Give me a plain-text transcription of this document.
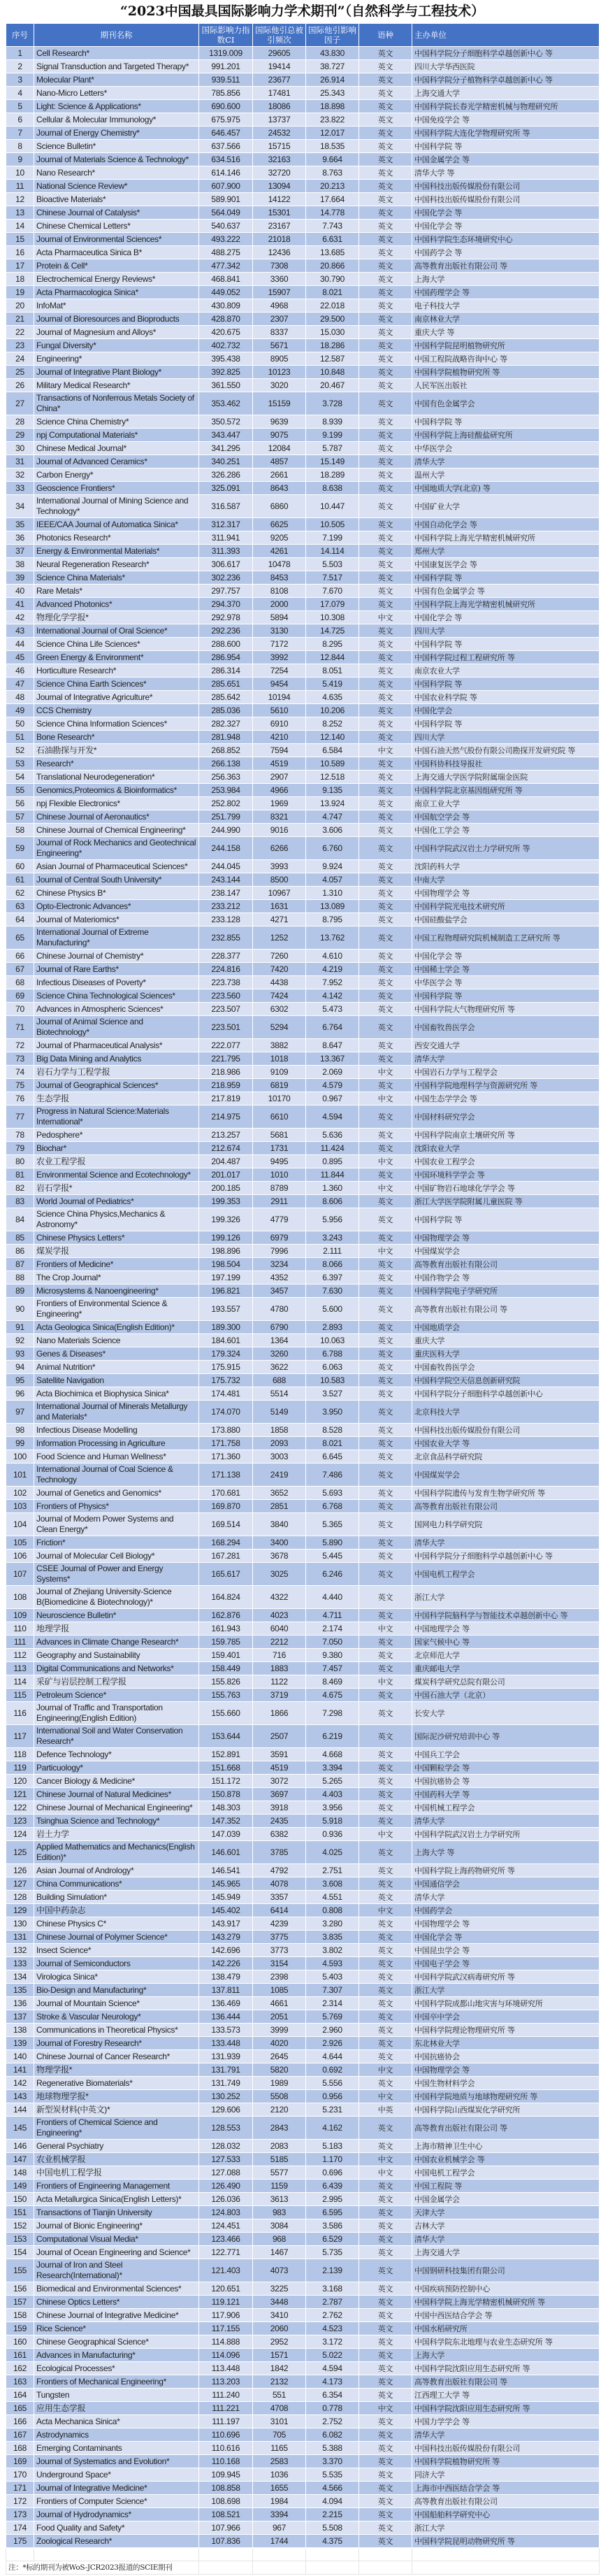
“2023中国最具国际影响力学术期刊”（自然科学与工程技术）
序号	期刊名称	国际影响力指数CI	国际他引总被引频次	国际他引影响因子	语种	主办单位
1	Cell Research*	1319.009	29605	43.830	英文	中国科学院分子细胞科学卓越创新中心 等
2	Signal Transduction and Targeted Therapy*	991.201	19414	38.727	英文	四川大学华西医院
3	Molecular Plant*	939.511	23677	26.914	英文	中国科学院分子植物科学卓越创新中心 等
4	Nano-Micro Letters*	785.856	17481	25.343	英文	上海交通大学
5	Light: Science & Applications*	690.600	18086	18.898	英文	中国科学院长春光学精密机械与物理研究所
6	Cellular & Molecular Immunology*	675.975	13737	23.822	英文	中国免疫学会 等
7	Journal of Energy Chemistry*	646.457	24532	12.017	英文	中国科学院大连化学物理研究所 等
8	Science Bulletin*	637.566	15715	18.535	英文	中国科学院 等
9	Journal of Materials Science & Technology*	634.516	32163	9.664	英文	中国金属学会 等
10	Nano Research*	614.146	32720	8.763	英文	清华大学 等
11	National Science Review*	607.900	13094	20.213	英文	中国科技出版传媒股份有限公司
12	Bioactive Materials*	589.901	14122	17.664	英文	中国科技出版传媒股份有限公司
13	Chinese Journal of Catalysis*	564.049	15301	14.778	英文	中国化学会 等
14	Chinese Chemical Letters*	540.637	23167	7.743	英文	中国化学会 等
15	Journal of Environmental Sciences*	493.222	21018	6.631	英文	中国科学院生态环境研究中心
16	Acta Pharmaceutica Sinica B*	488.275	12436	13.685	英文	中国药学会 等
17	Protein & Cell*	477.342	7308	20.866	英文	高等教育出版社有限公司 等
18	Electrochemical Energy Reviews*	468.841	3360	30.790	英文	上海大学
19	Acta Pharmacologica Sinica*	449.052	15907	8.021	英文	中国药理学会 等
20	InfoMat*	430.809	4968	22.018	英文	电子科技大学
21	Journal of Bioresources and Bioproducts	428.870	2307	29.500	英文	南京林业大学
22	Journal of Magnesium and Alloys*	420.675	8337	15.030	英文	重庆大学 等
23	Fungal Diversity*	402.732	5671	18.286	英文	中国科学院昆明植物研究所
24	Engineering*	395.438	8905	12.587	英文	中国工程院战略咨询中心 等
25	Journal of Integrative Plant Biology*	392.825	10123	10.848	英文	中国科学院植物研究所 等
26	Military Medical Research*	361.550	3020	20.467	英文	人民军医出版社
27	Transactions of Nonferrous Metals Society of China*	353.462	15159	3.728	英文	中国有色金属学会
28	Science China Chemistry*	350.572	9639	8.939	英文	中国科学院 等
29	npj Computational Materials*	343.447	9075	9.199	英文	中国科学院上海硅酸盐研究所
30	Chinese Medical Journal*	341.295	12084	5.787	英文	中华医学会
31	Journal of Advanced Ceramics*	340.251	4857	15.149	英文	清华大学
32	Carbon Energy*	326.286	2661	18.289	英文	温州大学
33	Geoscience Frontiers*	325.091	8643	8.638	英文	中国地质大学(北京) 等
34	International Journal of Mining Science and Technology*	316.587	6860	10.447	英文	中国矿业大学
35	IEEE/CAA Journal of Automatica Sinica*	312.317	6625	10.505	英文	中国自动化学会 等
36	Photonics Research*	311.941	9205	7.199	英文	中国科学院上海光学精密机械研究所
37	Energy & Environmental Materials*	311.393	4261	14.114	英文	郑州大学
38	Neural Regeneration Research*	306.617	10478	5.503	英文	中国康复医学会 等
39	Science China Materials*	302.236	8453	7.517	英文	中国科学院 等
40	Rare Metals*	297.757	8108	7.670	英文	中国有色金属学会 等
41	Advanced Photonics*	294.370	2000	17.079	英文	中国科学院上海光学精密机械研究所
42	物理化学学报*	292.978	5894	10.308	中文	中国化学会 等
43	International Journal of Oral Science*	292.236	3130	14.725	英文	四川大学
44	Science China Life Sciences*	288.600	7172	8.295	英文	中国科学院 等
45	Green Energy & Environment*	286.954	3992	12.844	英文	中国科学院过程工程研究所 等
46	Horticulture Research*	286.314	7254	8.051	英文	南京农业大学
47	Science China Earth Sciences*	285.651	9454	5.419	英文	中国科学院 等
48	Journal of Integrative Agriculture*	285.642	10194	4.635	英文	中国农业科学院 等
49	CCS Chemistry	285.036	5610	10.206	英文	中国化学会
50	Science China Information Sciences*	282.327	6910	8.252	英文	中国科学院 等
51	Bone Research*	281.948	4210	12.140	英文	四川大学
52	石油勘探与开发*	268.852	7594	6.584	中文	中国石油天然气股份有限公司勘探开发研究院 等
53	Research*	266.138	4519	10.589	英文	中国科协科技导报社
54	Translational Neurodegeneration*	256.363	2907	12.518	英文	上海交通大学医学院附属瑞金医院
55	Genomics,Proteomics & Bioinformatics*	253.984	4966	9.135	英文	中国科学院北京基因组研究所 等
56	npj Flexible Electronics*	252.802	1969	13.924	英文	南京工业大学
57	Chinese Journal of Aeronautics*	251.799	8321	4.747	英文	中国航空学会 等
58	Chinese Journal of Chemical Engineering*	244.990	9016	3.606	英文	中国化工学会 等
59	Journal of Rock Mechanics and Geotechnical Engineering*	244.158	6266	6.760	英文	中国科学院武汉岩土力学研究所 等
60	Asian Journal of Pharmaceutical Sciences*	244.045	3993	9.924	英文	沈阳药科大学
61	Journal of Central South University*	243.144	8500	4.057	英文	中南大学
62	Chinese Physics B*	238.147	10967	1.310	英文	中国物理学会 等
63	Opto-Electronic Advances*	233.212	1631	13.089	英文	中国科学院光电技术研究所
64	Journal of Materiomics*	233.128	4271	8.795	英文	中国硅酸盐学会
65	International Journal of Extreme Manufacturing*	232.855	1252	13.762	英文	中国工程物理研究院机械制造工艺研究所 等
66	Chinese Journal of Chemistry*	228.377	7260	4.610	英文	中国化学会 等
67	Journal of Rare Earths*	224.816	7420	4.219	英文	中国稀土学会 等
68	Infectious Diseases of Poverty*	223.738	4438	7.952	英文	中华医学会 等
69	Science China Technological Sciences*	223.560	7424	4.142	英文	中国科学院 等
70	Advances in Atmospheric Sciences*	223.507	6302	5.473	英文	中国科学院大气物理研究所 等
71	Journal of Animal Science and Biotechnology*	223.501	5294	6.764	英文	中国畜牧兽医学会
72	Journal of Pharmaceutical Analysis*	222.077	3882	8.647	英文	西安交通大学
73	Big Data Mining and Analytics	221.795	1018	13.367	英文	清华大学
74	岩石力学与工程学报	218.986	9109	2.069	中文	中国岩石力学与工程学会
75	Journal of Geographical Sciences*	218.959	6819	4.579	英文	中国科学院地理科学与资源研究所 等
76	生态学报	217.819	10170	0.967	中文	中国生态学学会 等
77	Progress in Natural Science:Materials International*	214.975	6610	4.594	英文	中国材料研究学会
78	Pedosphere*	213.257	5681	5.636	英文	中国科学院南京土壤研究所 等
79	Biochar*	212.674	1731	11.424	英文	沈阳农业大学
80	农业工程学报	204.487	9495	0.895	中文	中国农业工程学会
81	Environmental Science and Ecotechnology*	201.017	1010	11.844	英文	中国环境科学学会 等
82	岩石学报*	200.185	8789	1.360	中文	中国矿物岩石地球化学学会 等
83	World Journal of Pediatrics*	199.353	2911	8.606	英文	浙江大学医学院附属儿童医院 等
84	Science China Physics,Mechanics & Astronomy*	199.326	4779	5.956	英文	中国科学院 等
85	Chinese Physics Letters*	199.126	6979	3.243	英文	中国物理学会 等
86	煤炭学报	198.896	7996	2.111	中文	中国煤炭学会
87	Frontiers of Medicine*	198.504	3234	8.066	英文	高等教育出版社有限公司
88	The Crop Journal*	197.199	4352	6.397	英文	中国作物学会 等
89	Microsystems & Nanoengineering*	196.821	3457	7.630	英文	中国科学院电子学研究所
90	Frontiers of Environmental Science & Engineering*	193.557	4780	5.600	英文	高等教育出版社有限公司 等
91	Acta Geologica Sinica(English Edition)*	189.300	6790	2.893	英文	中国地质学会
92	Nano Materials Science	184.601	1364	10.063	英文	重庆大学
93	Genes & Diseases*	179.324	3260	6.788	英文	重庆医科大学
94	Animal Nutrition*	175.915	3622	6.063	英文	中国畜牧兽医学会
95	Satellite Navigation	175.732	688	10.583	英文	中国科学院空天信息创新研究院
96	Acta Biochimica et Biophysica Sinica*	174.481	5514	3.527	英文	中国科学院分子细胞科学卓越创新中心
97	International Journal of Minerals Metallurgy and Materials*	174.070	5149	3.950	英文	北京科技大学
98	Infectious Disease Modelling	173.880	1858	8.528	英文	中国科技出版传媒股份有限公司
99	Information Processing in Agriculture	171.758	2093	8.021	英文	中国农业大学 等
100	Food Science and Human Wellness*	171.360	3003	6.645	英文	北京食品科学研究院
101	International Journal of Coal Science & Technology	171.138	2419	7.486	英文	中国煤炭学会
102	Journal of Genetics and Genomics*	170.681	3652	5.693	英文	中国科学院遗传与发育生物学研究所 等
103	Frontiers of Physics*	169.870	2851	6.768	英文	高等教育出版社有限公司
104	Journal of Modern Power Systems and Clean Energy*	169.514	3840	5.365	英文	国网电力科学研究院
105	Friction*	168.294	3400	5.890	英文	清华大学
106	Journal of Molecular Cell Biology*	167.281	3678	5.445	英文	中国科学院分子细胞科学卓越创新中心 等
107	CSEE Journal of Power and Energy Systems*	165.617	3025	6.246	英文	中国电机工程学会
108	Journal of Zhejiang University-Science B(Biomedicine & Biotechnology)*	164.824	4322	4.440	英文	浙江大学
109	Neuroscience Bulletin*	162.876	4023	4.711	英文	中国科学院脑科学与智能技术卓越创新中心 等
110	地理学报	161.943	6040	2.174	中文	中国地理学会 等
111	Advances in Climate Change Research*	159.785	2212	7.050	英文	国家气候中心 等
112	Geography and Sustainability	159.401	716	9.380	英文	北京师范大学
113	Digital Communications and Networks*	158.449	1883	7.457	英文	重庆邮电大学
114	采矿与岩层控制工程学报	155.826	1122	8.469	中文	煤炭科学研究总院有限公司
115	Petroleum Science*	155.763	3719	4.675	英文	中国石油大学（北京）
116	Journal of Traffic and Transportation Engineering(English Edition)	155.660	1866	7.298	英文	长安大学
117	International Soil and Water Conservation Research*	153.644	2507	6.219	英文	国际泥沙研究培训中心 等
118	Defence Technology*	152.891	3591	4.668	英文	中国兵工学会
119	Particuology*	151.668	4519	3.394	英文	中国颗粒学会 等
120	Cancer Biology & Medicine*	151.172	3072	5.265	英文	中国抗癌协会 等
121	Chinese Journal of Natural Medicines*	150.878	3697	4.403	英文	中国药科大学 等
122	Chinese Journal of Mechanical Engineering*	148.303	3918	3.956	英文	中国机械工程学会
123	Tsinghua Science and Technology*	147.352	2435	5.918	英文	清华大学
124	岩土力学	147.039	6382	0.936	中文	中国科学院武汉岩土力学研究所
125	Applied Mathematics and Mechanics(English Edition)*	146.601	3785	4.025	英文	上海大学 等
126	Asian Journal of Andrology*	146.541	4792	2.751	英文	中国科学院上海药物研究所 等
127	China Communications*	145.965	4078	3.608	英文	中国通信学会
128	Building Simulation*	145.949	3357	4.551	英文	清华大学
129	中国中药杂志	145.402	6414	0.808	中文	中国药学会
130	Chinese Physics C*	143.917	4239	3.280	英文	中国物理学会 等
131	Chinese Journal of Polymer Science*	143.279	3775	3.835	英文	中国化学会 等
132	Insect Science*	142.696	3773	3.802	英文	中国昆虫学会 等
133	Journal of Semiconductors	142.226	3154	4.593	英文	中国电子学会 等
134	Virologica Sinica*	138.479	2398	5.403	英文	中国科学院武汉病毒研究所 等
135	Bio-Design and Manufacturing*	137.811	1085	7.307	英文	浙江大学
136	Journal of Mountain Science*	136.469	4661	2.314	英文	中国科学院成都山地灾害与环境研究所
137	Stroke & Vascular Neurology*	136.444	2051	5.769	英文	中国卒中学会
138	Communications in Theoretical Physics*	133.573	3999	2.960	英文	中国科学院理论物理研究所 等
139	Journal of Forestry Research*	133.448	4020	2.926	英文	东北林业大学
140	Chinese Journal of Cancer Research*	131.939	2645	4.644	英文	中国抗癌协会
141	物理学报*	131.791	5820	0.692	中文	中国物理学会 等
142	Regenerative Biomaterials*	131.749	1989	5.556	英文	中国生物材料学会
143	地球物理学报*	130.252	5508	0.956	中文	中国科学院地质与地球物理研究所 等
144	新型炭材料(中英文)*	129.606	2120	5.231	中英	中国科学院山西煤炭化学研究所
145	Frontiers of Chemical Science and Engineering*	128.553	2843	4.162	英文	高等教育出版社有限公司 等
146	General Psychiatry	128.032	2083	5.183	英文	上海市精神卫生中心
147	农业机械学报	127.533	5185	1.170	中文	中国农业机械学会 等
148	中国电机工程学报	127.088	5577	0.696	中文	中国电机工程学会
149	Frontiers of Engineering Management	126.490	1159	6.439	英文	中国工程院 等
150	Acta Metallurgica Sinica(English Letters)*	126.036	3613	2.995	英文	中国金属学会
151	Transactions of Tianjin University	124.803	983	6.595	英文	天津大学
152	Journal of Bionic Engineering*	124.451	3084	3.586	英文	吉林大学
153	Computational Visual Media*	123.466	968	6.529	英文	清华大学
154	Journal of Ocean Engineering and Science*	122.771	1467	5.735	英文	上海交通大学
155	Journal of Iron and Steel Research(International)*	121.403	4073	2.139	英文	中国钢研科技集团有限公司
156	Biomedical and Environmental Sciences*	120.651	3225	3.168	英文	中国疾病预防控制中心
157	Chinese Optics Letters*	119.121	3448	2.787	英文	中国科学院上海光学精密机械研究所 等
158	Chinese Journal of Integrative Medicine*	117.906	3410	2.762	英文	中国中西医结合学会 等
159	Rice Science*	117.155	2060	4.523	英文	中国水稻研究所
160	Chinese Geographical Science*	114.888	2952	3.172	英文	中国科学院东北地理与农业生态研究所 等
161	Advances in Manufacturing*	114.096	1571	5.022	英文	上海大学
162	Ecological Processes*	113.448	1842	4.594	英文	中国科学院沈阳应用生态研究所 等
163	Frontiers of Mechanical Engineering*	113.203	2132	4.173	英文	高等教育出版社有限公司 等
164	Tungsten	111.240	551	6.354	英文	江西理工大学 等
165	应用生态学报	111.221	4708	0.778	中文	中国科学院沈阳应用生态研究所 等
166	Acta Mechanica Sinica*	111.197	3101	2.752	英文	中国力学学会 等
167	Astrodynamics	110.696	705	6.082	英文	清华大学
168	Emerging Contaminants	110.616	1165	5.388	英文	中国科技出版传媒股份有限公司
169	Journal of Systematics and Evolution*	110.168	2583	3.370	英文	中国科学院植物研究所 等
170	Underground Space*	109.945	1036	5.535	英文	同济大学
171	Journal of Integrative Medicine*	108.858	1655	4.566	英文	上海市中西医结合学会 等
172	Frontiers of Computer Science*	108.698	1984	4.094	英文	高等教育出版社有限公司
173	Journal of Hydrodynamics*	108.521	3394	2.215	英文	中国船舶科学研究中心
174	Food Quality and Safety*	107.966	967	5.508	英文	浙江大学
175	Zoological Research*	107.836	1744	4.375	英文	中国科学院昆明动物研究所 等

注：*标的期刊为被WoS-JCR2023报道的SCIE期刊						
